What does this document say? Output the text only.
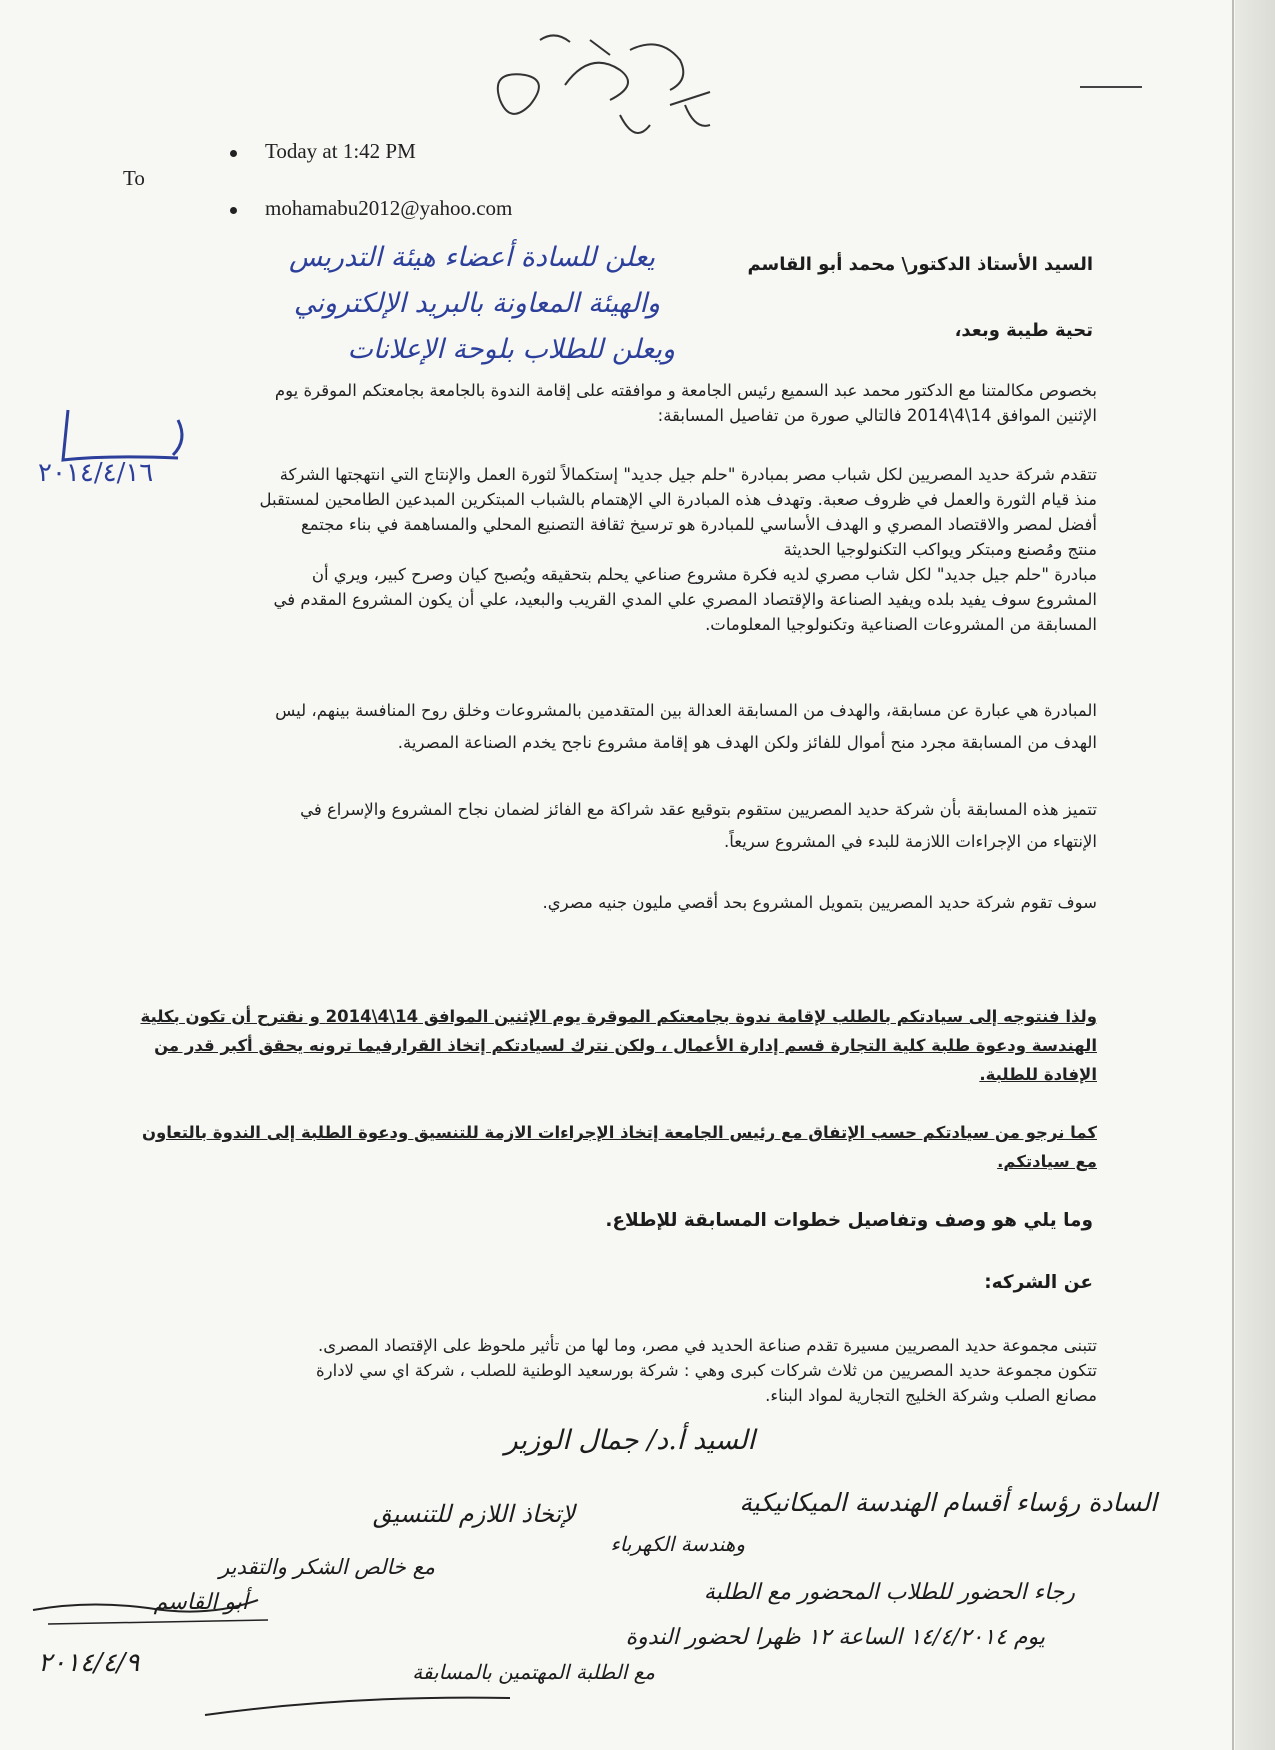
Today at 1:42 PM
To
mohamabu2012@yahoo.com
يعلن للسادة أعضاء هيئة التدريس
والهيئة المعاونة بالبريد الإلكتروني
ويعلن للطلاب بلوحة الإعلانات
٢٠١٤/٤/١٦
السيد الأستاذ الدكتور\ محمد أبو القاسم
تحية طيبة وبعد،
بخصوص مكالمتنا مع الدكتور محمد عبد السميع رئيس الجامعة و موافقته على إقامة الندوة بالجامعة بجامعتكم الموقرة يوم
الإثنين الموافق 14\4\2014 فالتالي صورة من تفاصيل المسابقة:
تتقدم شركة حديد المصريين لكل شباب مصر بمبادرة "حلم جيل جديد" إستكمالاً لثورة العمل والإنتاج التي انتهجتها الشركة
منذ قيام الثورة والعمل في ظروف صعبة. وتهدف هذه المبادرة الي الإهتمام بالشباب المبتكرين المبدعين الطامحين لمستقبل
أفضل لمصر والاقتصاد المصري و الهدف الأساسي للمبادرة هو ترسيخ ثقافة التصنيع المحلي والمساهمة في بناء مجتمع
منتج ومُصنع ومبتكر ويواكب التكنولوجيا الحديثة
مبادرة "حلم جيل جديد" لكل شاب مصري لديه فكرة مشروع صناعي يحلم بتحقيقه ويُصبح كيان وصرح كبير، ويري أن
المشروع سوف يفيد بلده ويفيد الصناعة والإقتصاد المصري علي المدي القريب والبعيد، علي أن يكون المشروع المقدم في
المسابقة من المشروعات الصناعية وتكنولوجيا المعلومات.
المبادرة هي عبارة عن مسابقة، والهدف من المسابقة العدالة بين المتقدمين بالمشروعات وخلق روح المنافسة بينهم، ليس
الهدف من المسابقة مجرد منح أموال للفائز ولكن الهدف هو إقامة مشروع ناجح يخدم الصناعة المصرية.
تتميز هذه المسابقة بأن شركة حديد المصريين ستقوم بتوقيع عقد شراكة مع الفائز لضمان نجاح المشروع والإسراع في
الإنتهاء من الإجراءات اللازمة للبدء في المشروع سريعاً.
سوف تقوم شركة حديد المصريين بتمويل المشروع بحد أقصي مليون جنيه مصري.
ولذا فنتوجه إلى سيادتكم بالطلب لإقامة ندوة بجامعتكم الموقرة يوم الإثنين الموافق 14\4\2014 و نقترح أن تكون بكلية
الهندسة ودعوة طلبة كلية التجارة قسم إدارة الأعمال ، ولكن نترك لسيادتكم إتخاذ القرارفيما ترونه يحقق أكبر قدر من
الإفادة للطلبة.
كما نرجو من سيادتكم حسب الإتفاق مع رئيس الجامعة إتخاذ الإجراءات الازمة للتنسيق ودعوة الطلبة إلى الندوة بالتعاون
مع سيادتكم.
وما يلي هو وصف وتفاصيل خطوات المسابقة للإطلاع.
عن الشركه:
تتبنى مجموعة حديد المصريين مسيرة تقدم صناعة الحديد في مصر، وما لها من تأثير ملحوظ على الإقتصاد المصرى.
تتكون مجموعة حديد المصريين من ثلاث شركات كبرى وهي : شركة بورسعيد الوطنية للصلب ، شركة اي سي لادارة
مصانع الصلب وشركة الخليج التجارية لمواد البناء.
السيد أ.د/ جمال الوزير
السادة رؤساء أقسام الهندسة الميكانيكية
وهندسة الكهرباء
رجاء الحضور للطلاب المحضور مع الطلبة
يوم ١٤/٤/٢٠١٤ الساعة ١٢ ظهرا لحضور الندوة
لإتخاذ اللازم للتنسيق
مع خالص الشكر والتقدير
أبو القاسم
٢٠١٤/٤/٩	مع الطلبة المهتمين بالمسابقة
